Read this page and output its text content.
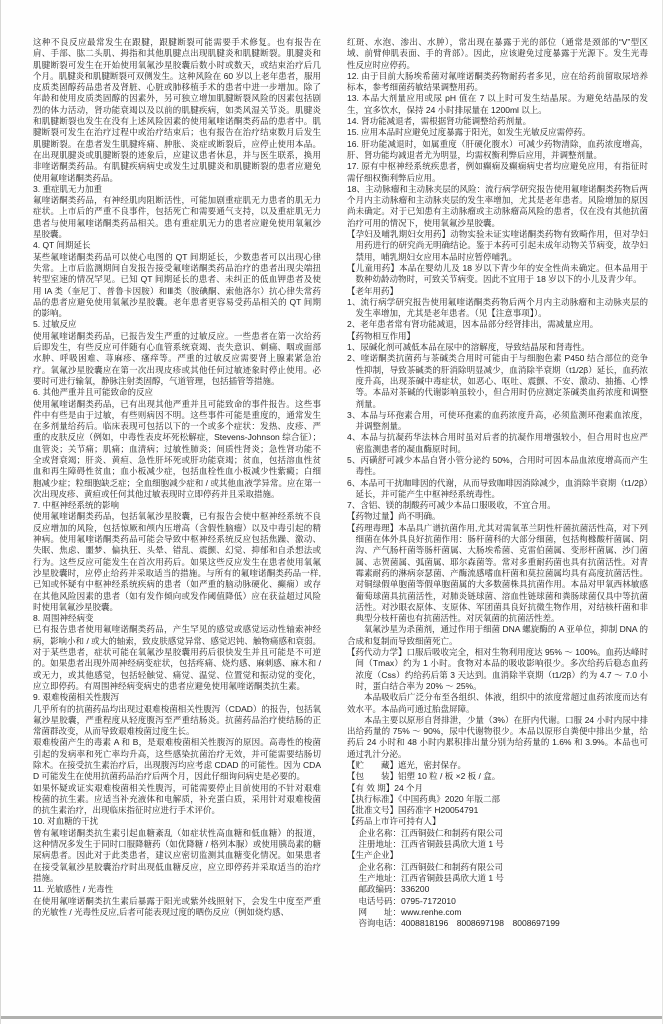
这种不良反应最常发生在跟腱，跟腱断裂可能需要手术修复。也有报告在肩、手部、肱二头肌、拇指和其他肌腱点出现肌腱炎和肌腱断裂。肌腱炎和肌腱断裂可发生在开始使用氧氟沙星胶囊后数小时或数天，或结束治疗后几个月。肌腱炎和肌腱断裂可双侧发生。这种风险在 60 岁以上老年患者，服用皮质类固醇药品患者及肾脏、心脏或肺移植手术的患者中进一步增加。除了年龄和使用皮质类固醇的因素外，另可独立增加肌腱断裂风险的因素包括剧烈的体力活动，肾功能衰竭以及以前的肌腱疾病，如类风湿关节炎。肌腱炎和肌腱断裂也发生在没有上述风险因素的使用氟喹诺酮类药品的患者中。肌腱断裂可发生在治疗过程中或治疗结束后；也有报告在治疗结束数月后发生肌腱断裂。在患者发生肌腱疼痛、肿胀、炎症或断裂后，应停止使用本品。在出现肌腱炎或肌腱断裂的迹象后，应建议患者休息，并与医生联系，换用非喹诺酮类药品。有肌腱疾病病史或发生过肌腱炎和肌腱断裂的患者应避免使用氟喹诺酮类药品。

3. 重症肌无力加重

氟喹诺酮类药品，有神经肌肉阻断活性，可能加剧重症肌无力患者的肌无力症状。上市后的严重不良事件，包括死亡和需要通气支持，以及重症肌无力患者与使用氟喹诺酮类药品相关。患有重症肌无力的患者应避免使用氧氟沙星胶囊。

4. QT 间期延长

某些氟喹诺酮类药品可以使心电图的 QT 间期延长，少数患者可以出现心律失常。上市后监测期间自发报告接受氟喹诺酮类药品治疗的患者出现尖端扭转型室速的情况罕见。已知 QT 间期延长的患者、未纠正的低血钾患者及使用 IA 类（奎尼丁、普鲁卡因胺）和Ⅲ类（胺碘酮、索他洛尔）抗心律失常药品的患者应避免使用氧氟沙星胶囊。老年患者更容易受药品相关的 QT 间期的影响。

5. 过敏反应

使用氟喹诺酮类药品，已报告发生严重的过敏反应。一些患者在第一次给药后即发生，有些反应可伴随有心血管系统衰竭、丧失意识、刺痛、咽或面部水肿、呼吸困难、荨麻疹、瘙痒等。严重的过敏反应需要肾上腺素紧急治疗。氧氟沙星胶囊应在第一次出现皮疹或其他任何过敏迹象时停止使用。必要时可进行输氧，静脉注射类固醇，气道管理，包括插管等措施。

6. 其他严重并且可能致命的反应

使用氟喹诺酮类药品，已有出现其他严重并且可能致命的事件报告。这些事件中有些是由于过敏，有些则病因不明。这些事件可能是重度的，通常发生在多剂量给药后。临床表现可包括以下的一个或多个症状：发热、皮疹、严重的皮肤反应（例如，中毒性表皮坏死松解症，Stevens-Johnson 综合征）；血管炎；关节痛；肌痛；血清病；过敏性肺炎；间质性肾炎；急性肾功能不全或肾衰竭；肝炎、黄疸、急性肝坏死或肝功能衰竭；贫血，包括溶血性贫血和再生障碍性贫血；血小板减少症，包括血栓性血小板减少性紫癜；白细胞减少症；粒细胞缺乏症；全血细胞减少症和 / 或其他血液学异常。应在第一次出现皮疹、黄疸或任何其他过敏表现时立即停药并且采取措施。

7. 中枢神经系统的影响

使用氟喹诺酮类药品，包括氧氟沙星胶囊，已有报告会使中枢神经系统不良反应增加的风险，包括惊厥和颅内压增高（含假性脑瘤）以及中毒引起的精神病。使用氟喹诺酮类药品可能会导致中枢神经系统反应包括焦躁、激动、失眠、焦虑、噩梦、偏执狂、头晕、错乱、震颤、幻觉、抑郁和自杀想法或行为。这些反应可能发生在首次用药后。如果这些反应发生在患者使用氧氟沙星胶囊时，应停止给药并采取适当的措施。与所有的氟喹诺酮类药品一样,已知或怀疑有中枢神经系统疾病的患者（如严重的脑动脉硬化、癫痫）或存在其他风险因素的患者（如有发作倾向或发作阈值降低）应在获益超过风险时使用氧氟沙星胶囊。

8. 周围神经病变

已有报告患者使用氟喹诺酮类药品，产生罕见的感觉或感觉运动性轴索神经病，影响小和 / 或大的轴索，致皮肤感觉异常、感觉迟钝、触物痛感和衰弱。对于某些患者，症状可能在氧氟沙星胶囊用药后很快发生并且可能是不可逆的。如果患者出现外周神经病变症状，包括疼痛、烧灼感、麻刺感、麻木和 / 或无力，或其他感觉，包括轻触觉、痛觉、温觉、位置觉和振动觉的变化，应立即停药。有周围神经病变病史的患者应避免使用氟喹诺酮类抗生素。

9. 艰难梭菌相关性腹泻

几乎所有的抗菌药品均出现过艰难梭菌相关性腹泻（CDAD）的报告，包括氧氟沙星胶囊，严重程度从轻度腹泻至严重结肠炎。抗菌药品治疗使结肠的正常菌群改变，从而导致艰难梭菌过度生长。

艰难梭菌产生的毒素 A 和 B，是艰难梭菌相关性腹泻的原因。高毒性的梭菌引起的发病率和死亡率均升高，这些感染抗菌治疗无效，并可能需要结肠切除术。在接受抗生素治疗后，出现腹泻均应考虑 CDAD 的可能性。因为 CDAD 可能发生在使用抗菌药品治疗后两个月，因此仔细询问病史是必要的。

如果怀疑或证实艰难梭菌相关性腹泻，可能需要停止目前使用的不针对艰难梭菌的抗生素。应适当补充液体和电解质，补充蛋白质，采用针对艰难梭菌的抗生素治疗，出现临床指征时应进行手术评价。

10. 对血糖的干扰

曾有氟喹诺酮类抗生素引起血糖紊乱（如症状性高血糖和低血糖）的报道，这种情况多发生于同时口服降糖药（如优降糖 / 格列本脲）或使用胰岛素的糖尿病患者。因此对于此类患者，建议应密切监测其血糖变化情况。如果患者在接受氧氟沙星胶囊治疗时出现低血糖反应，应立即停药并采取适当的治疗措施。

11. 光敏感性 / 光毒性

在使用氟喹诺酮类抗生素后暴露于阳光或紫外线照射下，会发生中度至严重的光敏性 / 光毒性反应,后者可能表现过度的晒伤反应（例如烧灼感、

红斑、水泡、渗出、水肿），常出现在暴露于光的部位（通常是颈部的“V”型区域、前臂伸肌表面、手的背部）。因此，应该避免过度暴露于光源下。发生光毒性反应时应停药。

12. 由于目前大肠埃希菌对氟喹诺酮类药物耐药者多见，应在给药前留取尿培养标本，参考细菌药敏结果调整用药。

13. 本品大剂量应用或尿 pH 值在 7 以上时可发生结晶尿。为避免结晶尿的发生，宜多饮水，保持 24 小时排尿量在 1200ml 以上。

14. 肾功能减退者，需根据肾功能调整给药剂量。

15. 应用本品时应避免过度暴露于阳光，如发生光敏反应需停药。

16. 肝功能减退时，如属重度（肝硬化腹水）可减少药物清除，血药浓度增高，肝、肾功能均减退者尤为明显，均需权衡利弊后应用，并调整剂量。

17. 原有中枢神经系统疾患者，例如癫痫及癫痫病史者均应避免应用，有指征时需仔细权衡利弊后应用。

18、主动脉瘤和主动脉夹层的风险：流行病学研究报告使用氟喹诺酮类药物后两个月内主动脉瘤和主动脉夹层的发生率增加，尤其是老年患者。风险增加的原因尚未确定。对于已知患有主动脉瘤或主动脉瘤高风险的患者，仅在没有其他抗菌治疗可用的情况下，使用氧氟沙星胶囊。

【孕妇及哺乳期妇女用药】动物实验未证实喹诺酮类药物有致畸作用，但对孕妇用药进行的研究尚无明确结论。鉴于本药可引起未成年动物关节病变，故孕妇禁用，哺乳期妇女应用本品时应暂停哺乳。

【儿童用药】本品在婴幼儿及 18 岁以下青少年的安全性尚未确定。但本品用于数种幼龄动物时，可致关节病变。因此不宜用于 18 岁以下的小儿及青少年。

【老年用药】

1、流行病学研究报告使用氟喹诺酮类药物后两个月内主动脉瘤和主动脉夹层的发生率增加，尤其是老年患者。（见【注意事项】）。

2、老年患者常有肾功能减退，因本品部分经肾排出，需减量应用。

【药物相互作用】

1、尿碱化剂可减低本品在尿中的溶解度，导致结晶尿和肾毒性。

2、喹诺酮类抗菌药与茶碱类合用时可能由于与细胞色素 P450 结合部位的竞争性抑制，导致茶碱类的肝消除明显减少，血消除半衰期（t1/2β）延长，血药浓度升高，出现茶碱中毒症状，如恶心、呕吐、震颤、不安、激动、抽搐、心悸等。本品对茶碱的代谢影响虽较小，但合用时仍应测定茶碱类血药浓度和调整剂量。

3、本品与环孢素合用，可使环孢素的血药浓度升高，必须监测环孢素血浓度，并调整剂量。

4、本品与抗凝药华法林合用时虽对后者的抗凝作用增强较小，但合用时也应严密监测患者的凝血酶原时间。

5、丙磺舒可减少本品自肾小管分泌约 50%，合用时可因本品血浓度增高而产生毒性。

6、本品可干扰咖啡因的代谢，从而导致咖啡因消除减少，血消除半衰期（t1/2β）延长，并可能产生中枢神经系统毒性。

7、含铝、镁的制酸药可减少本品口服吸收，不宜合用。

【药物过量】尚不明确。

【药理毒理】本品具广谱抗菌作用,尤其对需氧革兰阴性杆菌抗菌活性高，对下列细菌在体外具良好抗菌作用：肠杆菌科的大部分细菌，包括枸橼酸杆菌属、阴沟、产气肠杆菌等肠杆菌属、大肠埃希菌、克雷伯菌属、变形杆菌属、沙门菌属、志贺菌属、弧菌属、耶尔森菌等。常对多重耐药菌也具有抗菌活性。对青霉素耐药的淋病奈瑟菌、产酶流感嗜血杆菌和莫拉菌属均具有高度抗菌活性。对铜绿假单胞菌等假单胞菌属的大多数菌株具抗菌作用。本品对甲氧西林敏感葡萄球菌具抗菌活性，对肺炎链球菌、溶血性链球菌和粪肠球菌仅具中等抗菌活性。对沙眼衣原体、支原体、军团菌具良好抗微生物作用，对结核杆菌和非典型分枝杆菌也有抗菌活性。对厌氧菌的抗菌活性差。

氧氟沙星为杀菌剂，通过作用于细菌 DNA 螺旋酶的 A 亚单位，抑制 DNA 的合成和复制而导致细菌死亡。

【药代动力学】口服后吸收完全，相对生物利用度达 95% ～ 100%。血药达峰时间（Tmax）约为 1 小时。食物对本品的吸收影响很少。多次给药后稳态血药浓度（Css）约给药后第 3 天达到。血消除半衰期（t1/2β）约为 4.7 ～ 7.0 小时，蛋白结合率为 20% ～ 25%。

本品吸收后广泛分布至各组织、体液，组织中的浓度常超过血药浓度而达有效水平。本品尚可通过胎盘屏障。

本品主要以原形自肾排泄，少量（3%）在肝内代谢。口服 24 小时内尿中排出给药量的 75% ～ 90%，尿中代谢物很少。本品以原形自粪便中排出少量，给药后 24 小时和 48 小时内累积排出量分别为给药量的 1.6% 和 3.9%。本品也可通过乳汁分泌。

【贮　　藏】遮光，密封保存。

【包　　装】铝塑 10 粒 / 板 ×2 板 / 盒。

【有 效 期】24 个月

【执行标准】《中国药典》2020 年版二部

【批准文号】国药准字 H20054791

【药品上市许可持有人】

企业名称：江西铜鼓仁和制药有限公司

注册地址：江西省铜鼓县禹欣大道 1 号

【生产企业】

企业名称：江西铜鼓仁和制药有限公司

生产地址：江西省铜鼓县禹欣大道 1 号

邮政编码：336200

电话号码：0795-7172010

网　　址：www.renhe.com

咨询电话：4008818196　8008697198　8008697199
